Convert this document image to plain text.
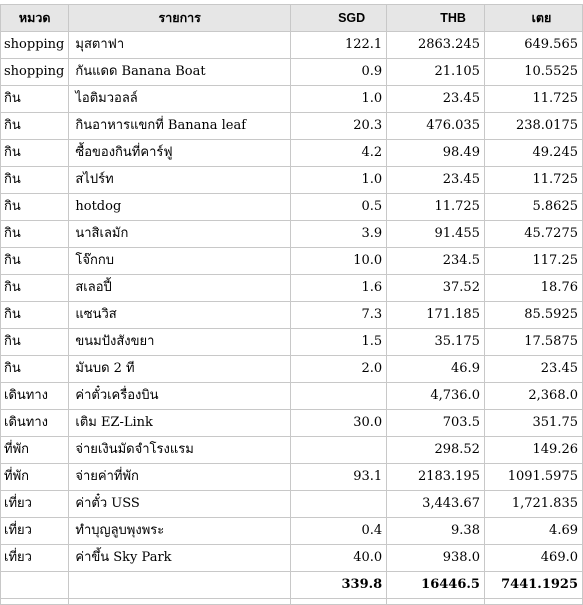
หมวด	รายการ	SGD	THB	เตย
shopping	มุสตาฟา	122.1	2863.245	649.565
shopping	กันแดด Banana Boat	0.9	21.105	10.5525
กิน	ไอติมวอลล์	1.0	23.45	11.725
กิน	กินอาหารแขกที่ Banana leaf	20.3	476.035	238.0175
กิน	ซื้อของกินที่คาร์ฟู	4.2	98.49	49.245
กิน	สไปร์ท	1.0	23.45	11.725
กิน	hotdog	0.5	11.725	5.8625
กิน	นาสิเลมัก	3.9	91.455	45.7275
กิน	โจ๊กกบ	10.0	234.5	117.25
กิน	สเลอปี้	1.6	37.52	18.76
กิน	แซนวิส	7.3	171.185	85.5925
กิน	ขนมปังสังขยา	1.5	35.175	17.5875
กิน	มันบด 2 ที	2.0	46.9	23.45
เดินทาง	ค่าตั๋วเครื่องบิน		4,736.0	2,368.0
เดินทาง	เติม EZ-Link	30.0	703.5	351.75
ที่พัก	จ่ายเงินมัดจำโรงแรม		298.52	149.26
ที่พัก	จ่ายค่าที่พัก	93.1	2183.195	1091.5975
เที่ยว	ค่าตั๋ว USS		3,443.67	1,721.835
เที่ยว	ทำบุญลูบพุงพระ	0.4	9.38	4.69
เที่ยว	ค่าขึ้น Sky Park	40.0	938.0	469.0
		339.8	16446.5	7441.1925
